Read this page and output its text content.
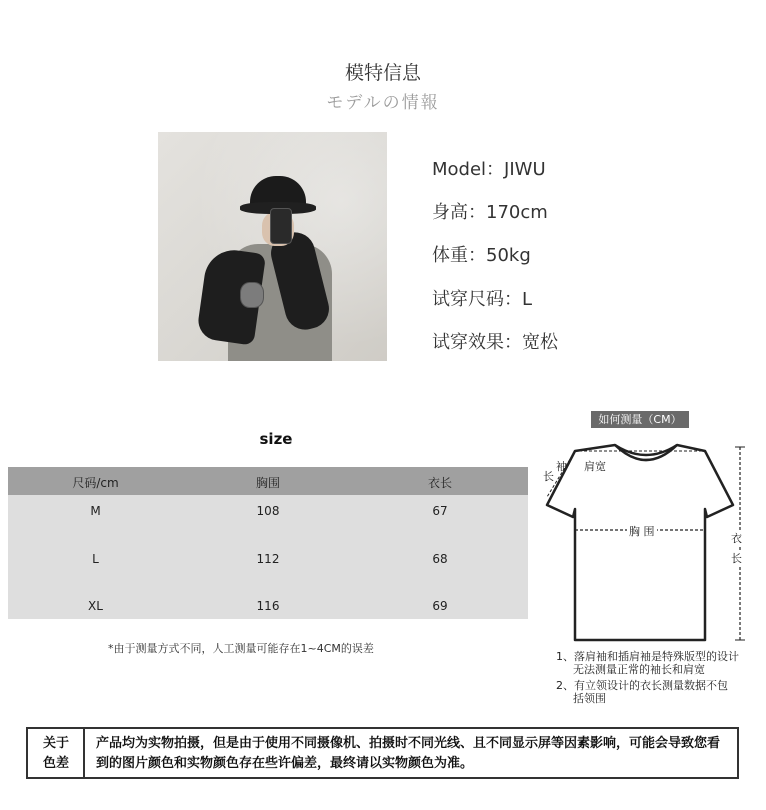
模特信息
モデルの情報
Model：JIWU
身高：170cm
体重：50kg
试穿尺码：L
试穿效果：宽松
size
尺码/cm	胸围	衣长
M	108	67
L	112	68
XL	116	69
*由于测量方式不同，人工测量可能存在1~4CM的误差
如何测量（CM）
袖
长
肩宽
胸 围
衣
长
1、落肩袖和插肩袖是特殊版型的设计
无法测量正常的袖长和肩宽
2、有立领设计的衣长测量数据不包
括领围
关于
色差
产品均为实物拍摄，但是由于使用不同摄像机、拍摄时不同光线、且不同显示屏等因素影响，可能会导致您看到的图片颜色和实物颜色存在些许偏差，最终请以实物颜色为准。
